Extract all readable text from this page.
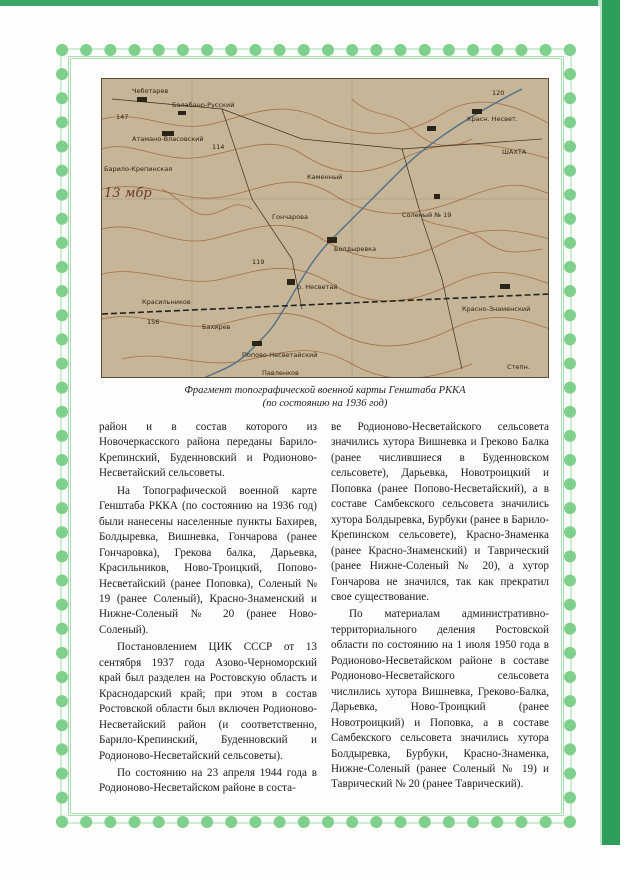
Чеботарев
Балабано-Русский
Атамано-Власовский
Барило-Крепинская
13 мбр
Каменный
Гончарова
Болдыревка
Соленый № 19
Красн. Несвет.
ШАХТА
р. Несветай
Красильников
Бахирев
Попово-Несветайский
Красно-Знаменский
Павленков
Степн.
147
120
119
156
114
Фрагмент топографической военной карты Генштаба РККА
(по состоянию на 1936 год)

район и в состав которого из Новочеркасского района переданы Барило-Крепинский, Буденновский и Родионово-Несветайский сельсоветы.

На Топографической военной карте Генштаба РККА (по состоянию на 1936 год) были нанесены населенные пункты Бахирев, Болдыревка, Вишневка, Гончарова (ранее Гончаровка), Грекова балка, Дарьевка, Красильников, Ново-Троицкий, Попово-Несветайский (ранее Поповка), Соленый № 19 (ранее Соленый), Красно-Знаменский и Нижне-Соленый № 20 (ранее Ново-Соленый).

Постановлением ЦИК СССР от 13 сентября 1937 года Азово-Черноморский край был разделен на Ростовскую область и Краснодарский край; при этом в состав Ростовской области был включен Родионово-Несветайский район (и соответственно, Барило-Крепинский, Буденновский и Родионово-Несветайский сельсоветы).

По состоянию на 23 апреля 1944 года в Родионово-Несветайском районе в соста-

ве Родионово-Несветайского сельсовета значились хутора Вишневка и Греково Балка (ранее числившиеся в Буденновском сельсовете), Дарьевка, Новотроицкий и Поповка (ранее Попово-Несветайский), а в составе Самбекского сельсовета значились хутора Болдыревка, Бурбуки (ранее в Барило-Крепинском сельсовете), Красно-Знаменка (ранее Красно-Знаменский) и Таврический (ранее Нижне-Соленый № 20), а хутор Гончарова не значился, так как прекратил свое существование.

По материалам административно-территориального деления Ростовской области по состоянию на 1 июля 1950 года в Родионово-Несветайском районе в составе Родионово-Несветайского сельсовета числились хутора Вишневка, Греково-Балка, Дарьевка, Ново-Троицкий (ранее Новотроицкий) и Поповка, а в составе Самбекского сельсовета значились хутора Болдыревка, Бурбуки, Красно-Знаменка, Нижне-Соленый (ранее Соленый № 19) и Таврический № 20 (ранее Таврический).
